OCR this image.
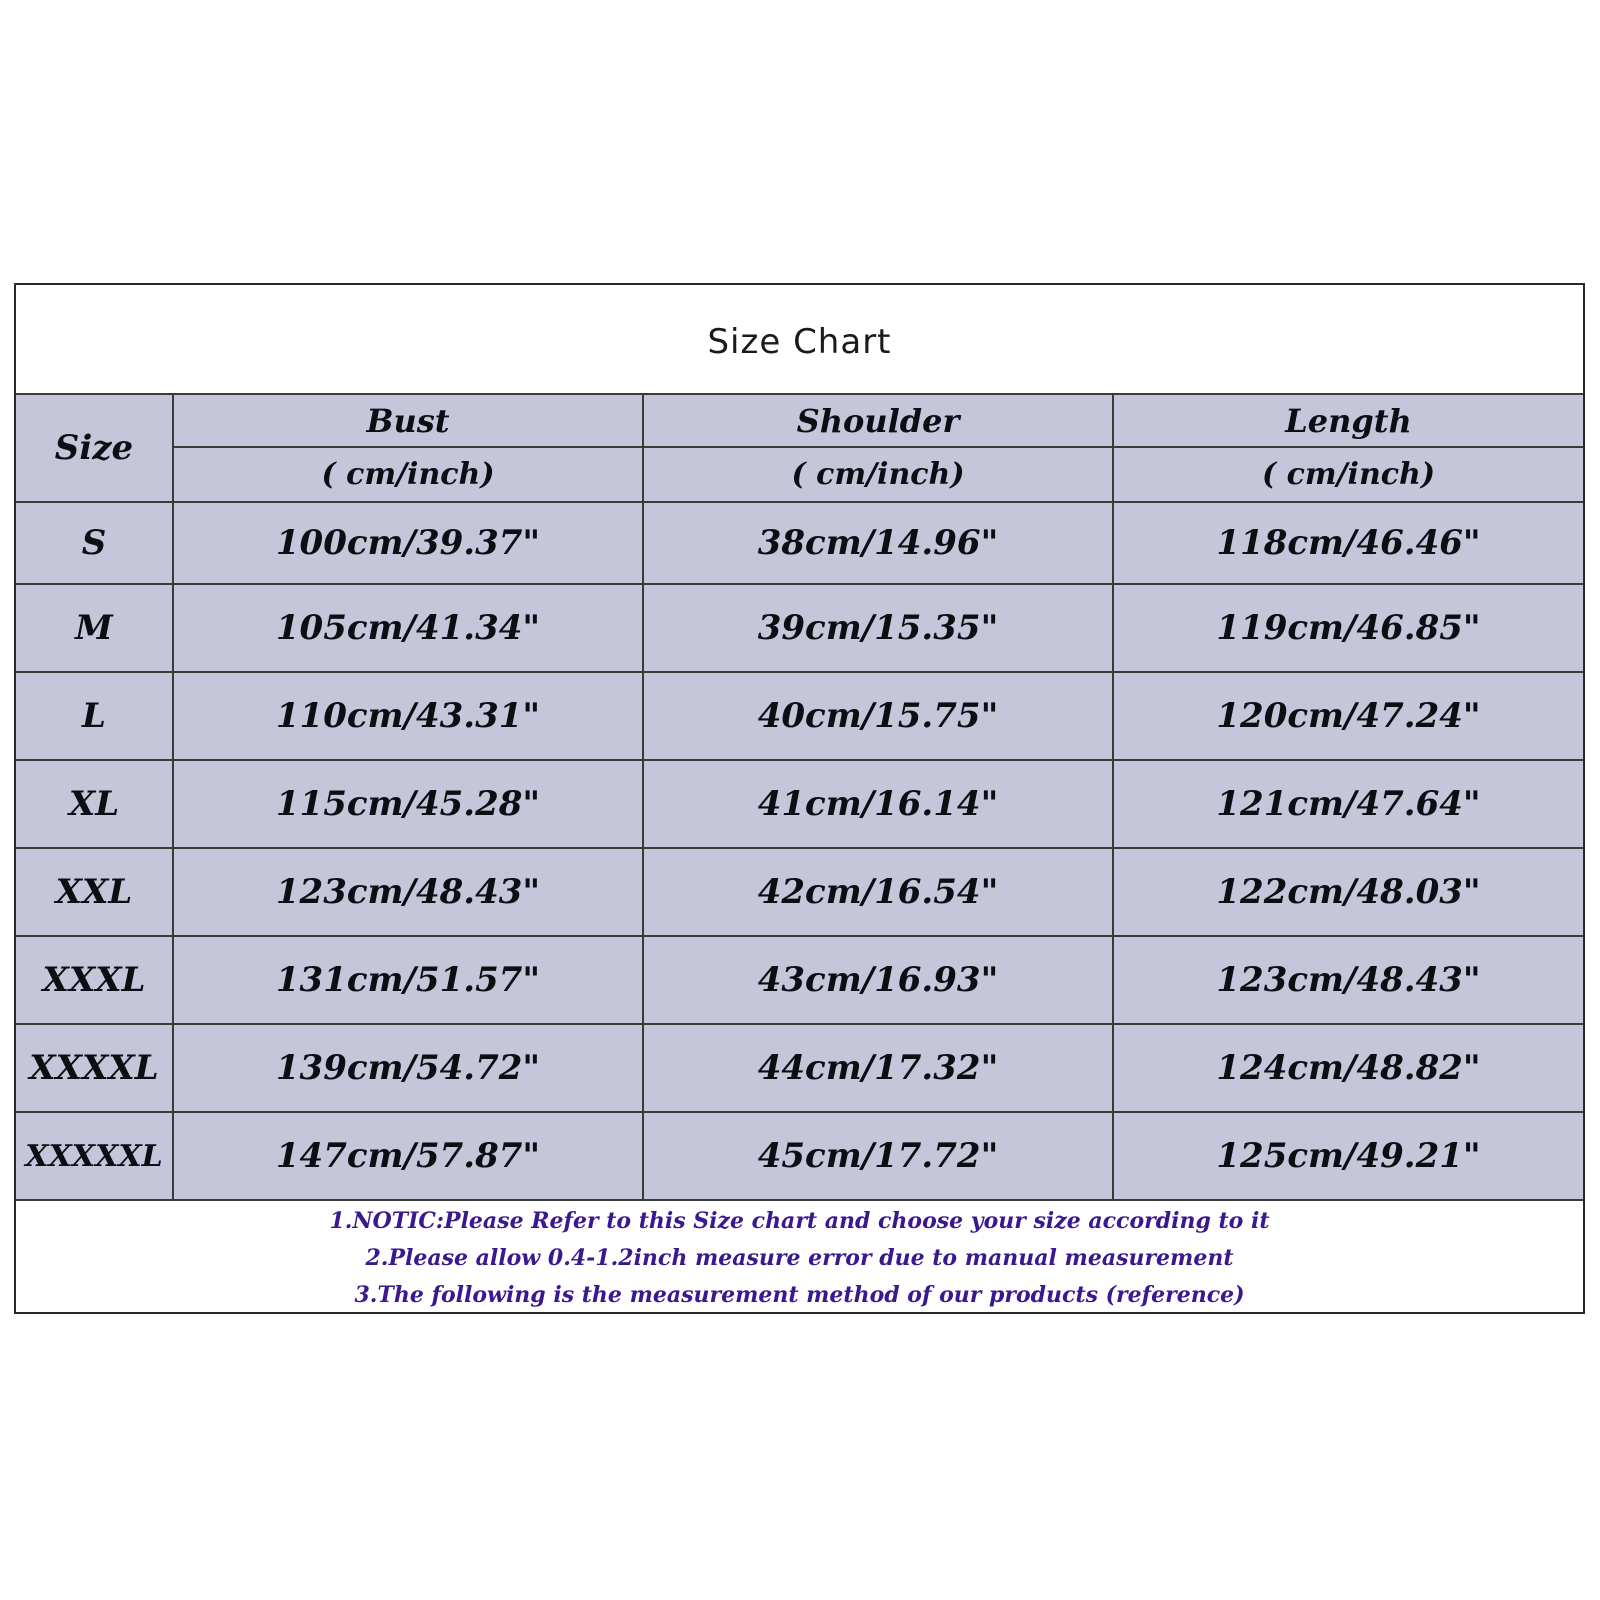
Size Chart
Size	Bust	Shoulder	Length
	( cm/inch)	( cm/inch)	( cm/inch)
S	100cm/39.37"	38cm/14.96"	118cm/46.46"
M	105cm/41.34"	39cm/15.35"	119cm/46.85"
L	110cm/43.31"	40cm/15.75"	120cm/47.24"
XL	115cm/45.28"	41cm/16.14"	121cm/47.64"
XXL	123cm/48.43"	42cm/16.54"	122cm/48.03"
XXXL	131cm/51.57"	43cm/16.93"	123cm/48.43"
XXXXL	139cm/54.72"	44cm/17.32"	124cm/48.82"
XXXXXL	147cm/57.87"	45cm/17.72"	125cm/49.21"
1.NOTIC:Please Refer to this Size chart and choose your size according to it
2.Please allow 0.4-1.2inch measure error due to manual measurement
3.The following is the measurement method of our products (reference)
